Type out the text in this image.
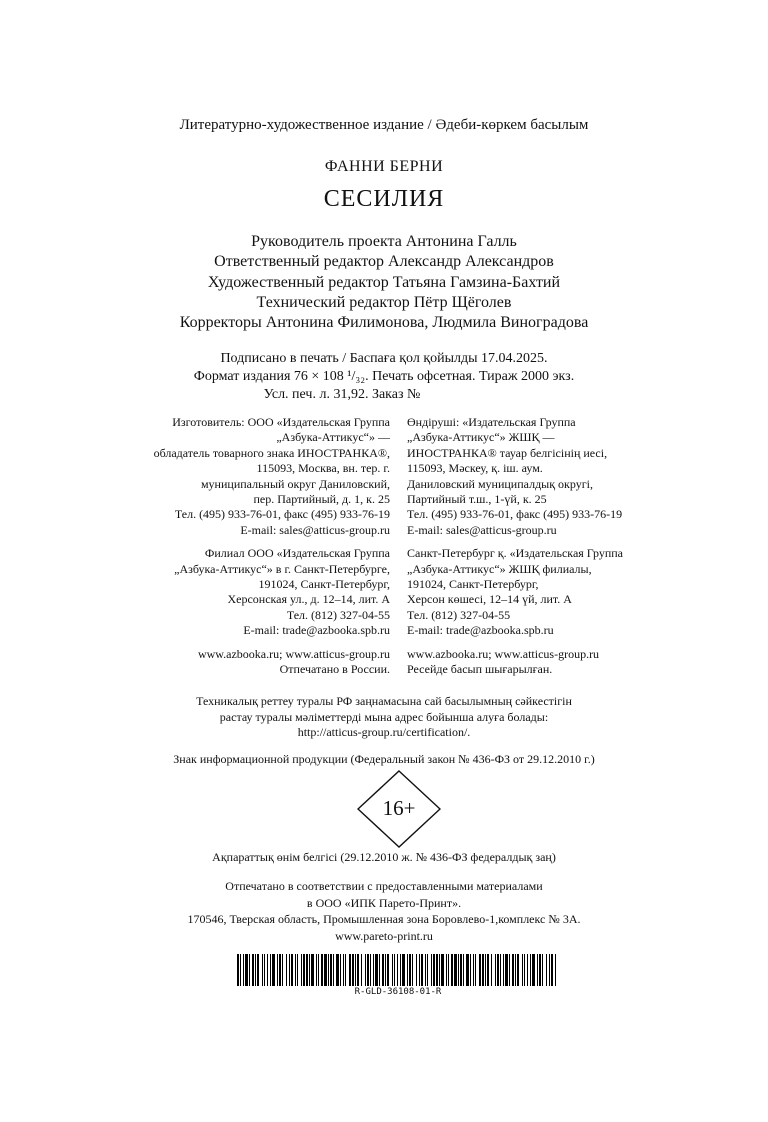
Литературно-художественное издание / Әдеби-көркем басылым
ФАННИ БЕРНИ
СЕСИЛИЯ
Руководитель проекта Антонина Галль
Ответственный редактор Александр Александров
Художественный редактор Татьяна Гамзина-Бахтий
Технический редактор Пётр Щёголев
Корректоры Антонина Филимонова, Людмила Виноградова
Подписано в печать / Баспаға қол қойылды 17.04.2025.
Формат издания 76 × 108 ¹/₃₂. Печать офсетная. Тираж 2000 экз.
Усл. печ. л. 31,92. Заказ №
Изготовитель: ООО «Издательская Группа
„Азбука-Аттикус“» —
обладатель товарного знака ИНОСТРАНКА®,
115093, Москва, вн. тер. г.
муниципальный округ Даниловский,
пер. Партийный, д. 1, к. 25
Тел. (495) 933-76-01, факс (495) 933-76-19
E-mail: sales@atticus-group.ru
Филиал ООО «Издательская Группа
„Азбука-Аттикус“» в г. Санкт-Петербурге,
191024, Санкт-Петербург,
Херсонская ул., д. 12–14, лит. А
Тел. (812) 327-04-55
E-mail: trade@azbooka.spb.ru
www.azbooka.ru; www.atticus-group.ru
Отпечатано в России.
Өндіруші: «Издательская Группа
„Азбука-Аттикус“» ЖШҚ —
ИНОСТРАНКА® тауар белгісінің иесі,
115093, Мәскеу, қ. іш. аум.
Даниловский муниципалдық округі,
Партийный т.ш., 1-үй, к. 25
Тел. (495) 933-76-01, факс (495) 933-76-19
E-mail: sales@atticus-group.ru
Санкт-Петербург қ. «Издательская Группа
„Азбука-Аттикус“» ЖШҚ филиалы,
191024, Санкт-Петербург,
Херсон көшесі, 12–14 үй, лит. А
Тел. (812) 327-04-55
E-mail: trade@azbooka.spb.ru
www.azbooka.ru; www.atticus-group.ru
Ресейде басып шығарылған.
Техникалық реттеу туралы РФ заңнамасына сай басылымның сәйкестігін
растау туралы мәліметтерді мына адрес бойынша алуға болады:
http://atticus-group.ru/certification/.
Знак информационной продукции (Федеральный закон № 436-ФЗ от 29.12.2010 г.)
16+
Ақпараттық өнім белгісі (29.12.2010 ж. № 436-ФЗ федералдық заң)
Отпечатано в соответствии с предоставленными материалами
в ООО «ИПК Парето-Принт».
170546, Тверская область, Промышленная зона Боровлево-1,комплекс № 3А.
www.pareto-print.ru
R-GLD-36108-01-R
